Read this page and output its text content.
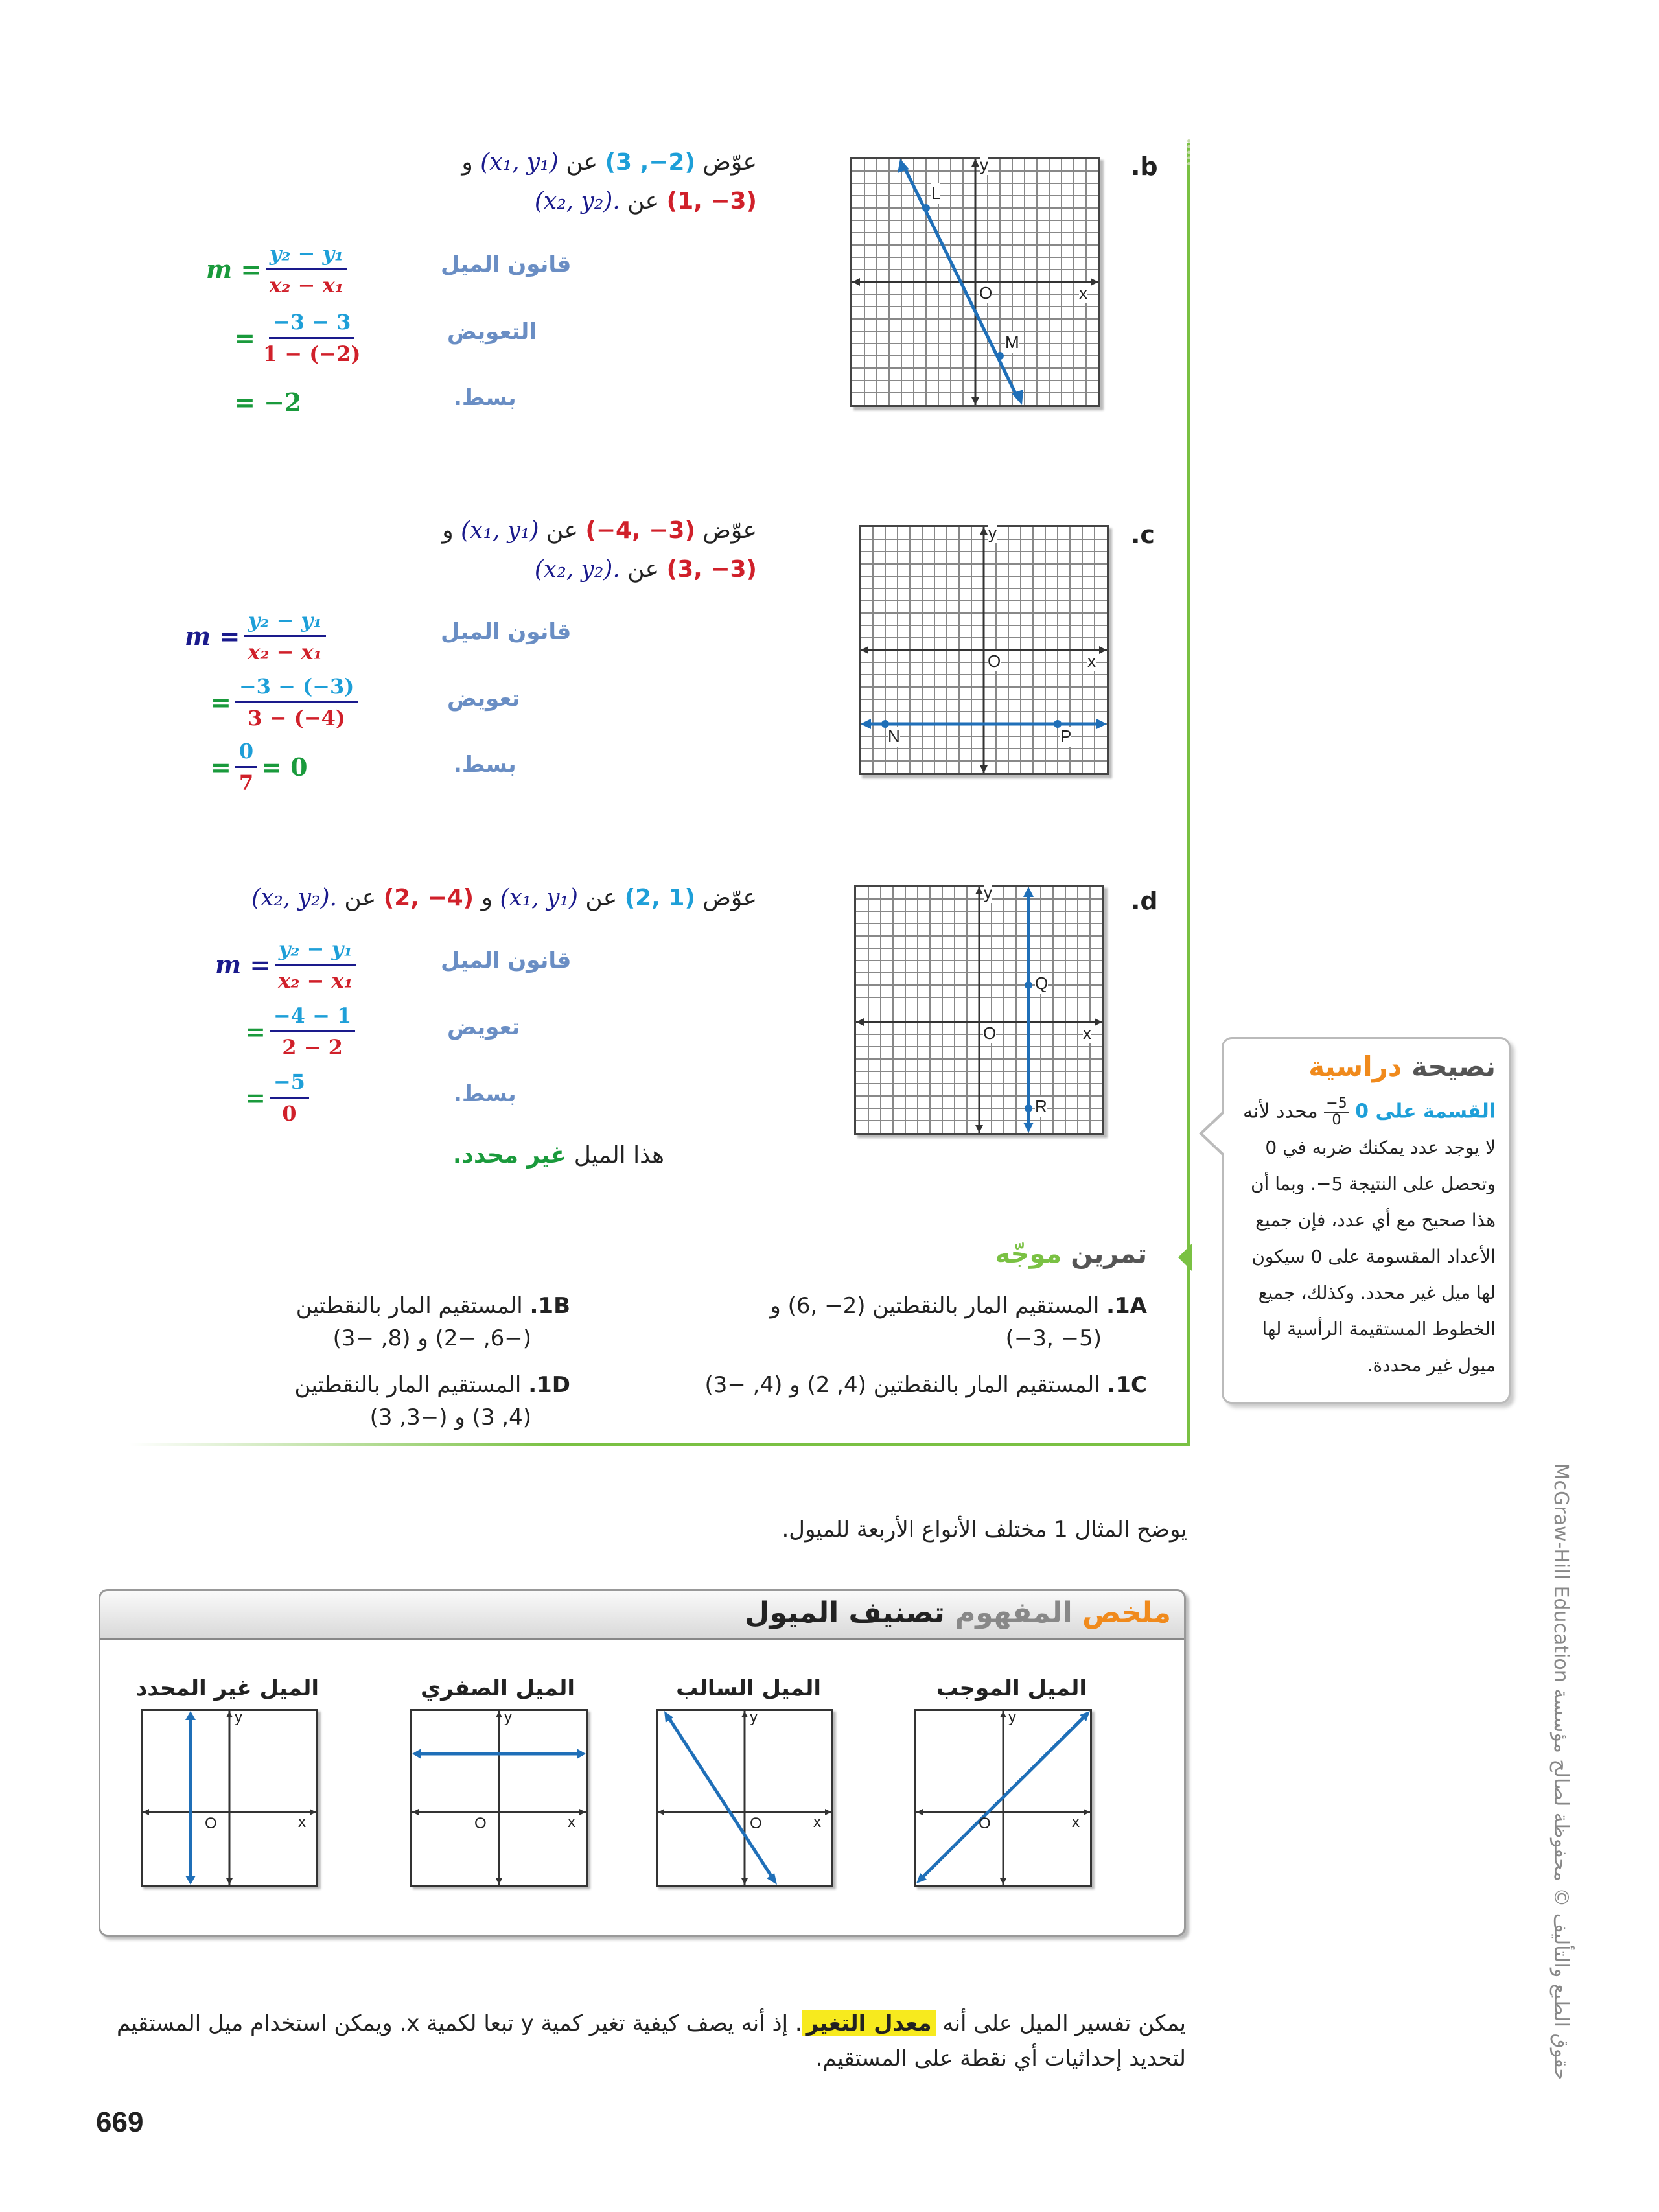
.b
y
x
O
L
M
عوّض (3 ,−2) عن (x₁, y₁) و
(1, −3) عن (x₂, y₂).
قانون الميل
التعويض
بسط.
$m = \frac{\text{y₂ − y₁}}{\text{x₂ − x₁}}$
= $\frac{-3 - 3}{1 - (-2)}$
= −2
.c
y
x
O
N	P
عوّض (−4, −3) عن (x₁, y₁) و
(3, −3) عن (x₂, y₂).
قانون الميل
تعويض
بسط.
$m = \frac{\text{y₂ − y₁}}{\text{x₂ − x₁}}$
= $\frac{-3 - (-3)}{3 - (-4)}$
= $\frac{0}{7} = 0$
.d
y
x
O
Q
R
عوّض (2, 1) عن (x₁, y₁) و (2, −4) عن (x₂, y₂).
قانون الميل
تعويض
بسط.
$m = \frac{\text{y₂ − y₁}}{\text{x₂ − x₁}}$
= $\frac{-4 - 1}{2 - 2}$
= $\frac{-5}{0}$
هذا الميل غير محدد.
نصيحة دراسية
القسمة على 0
$\frac{-5}{0}$
محدد لأنه
لا يوجد عدد يمكنك ضربه في 0
وتحصل على النتيجة 5−. وبما أن
هذا صحيح مع أي عدد، فإن جميع
الأعداد المقسومة على 0 سيكون
لها ميل غير محدد. وكذلك، جميع
الخطوط المستقيمة الرأسية لها
ميول غير محددة.
تمرين موجّه
1A. المستقيم المار بالنقطتين (2− ,6) و
(−3, −5)
1B. المستقيم المار بالنقطتين
(−6, −2) و (8, −3)
1C. المستقيم المار بالنقطتين (4, 2) و (4, −3)
1D. المستقيم المار بالنقطتين
(4, 3) و (−3, 3)
يوضح المثال 1 مختلف الأنواع الأربعة للميول.
ملخص المفهوم تصنيف الميول
الميل الموجب
الميل السالب
الميل الصفري
الميل غير المحدد
y
x
O
y
x
O
y
x
O
y
x
O
يمكن تفسير الميل على أنه معدل التغير. إذ أنه يصف كيفية تغير كمية y تبعا لكمية x. ويمكن استخدام ميل المستقيم لتحديد إحداثيات أي نقطة على المستقيم.
669
حقوق الطبع والتأليف © محفوظة لصالح مؤسسة McGraw-Hill Education
